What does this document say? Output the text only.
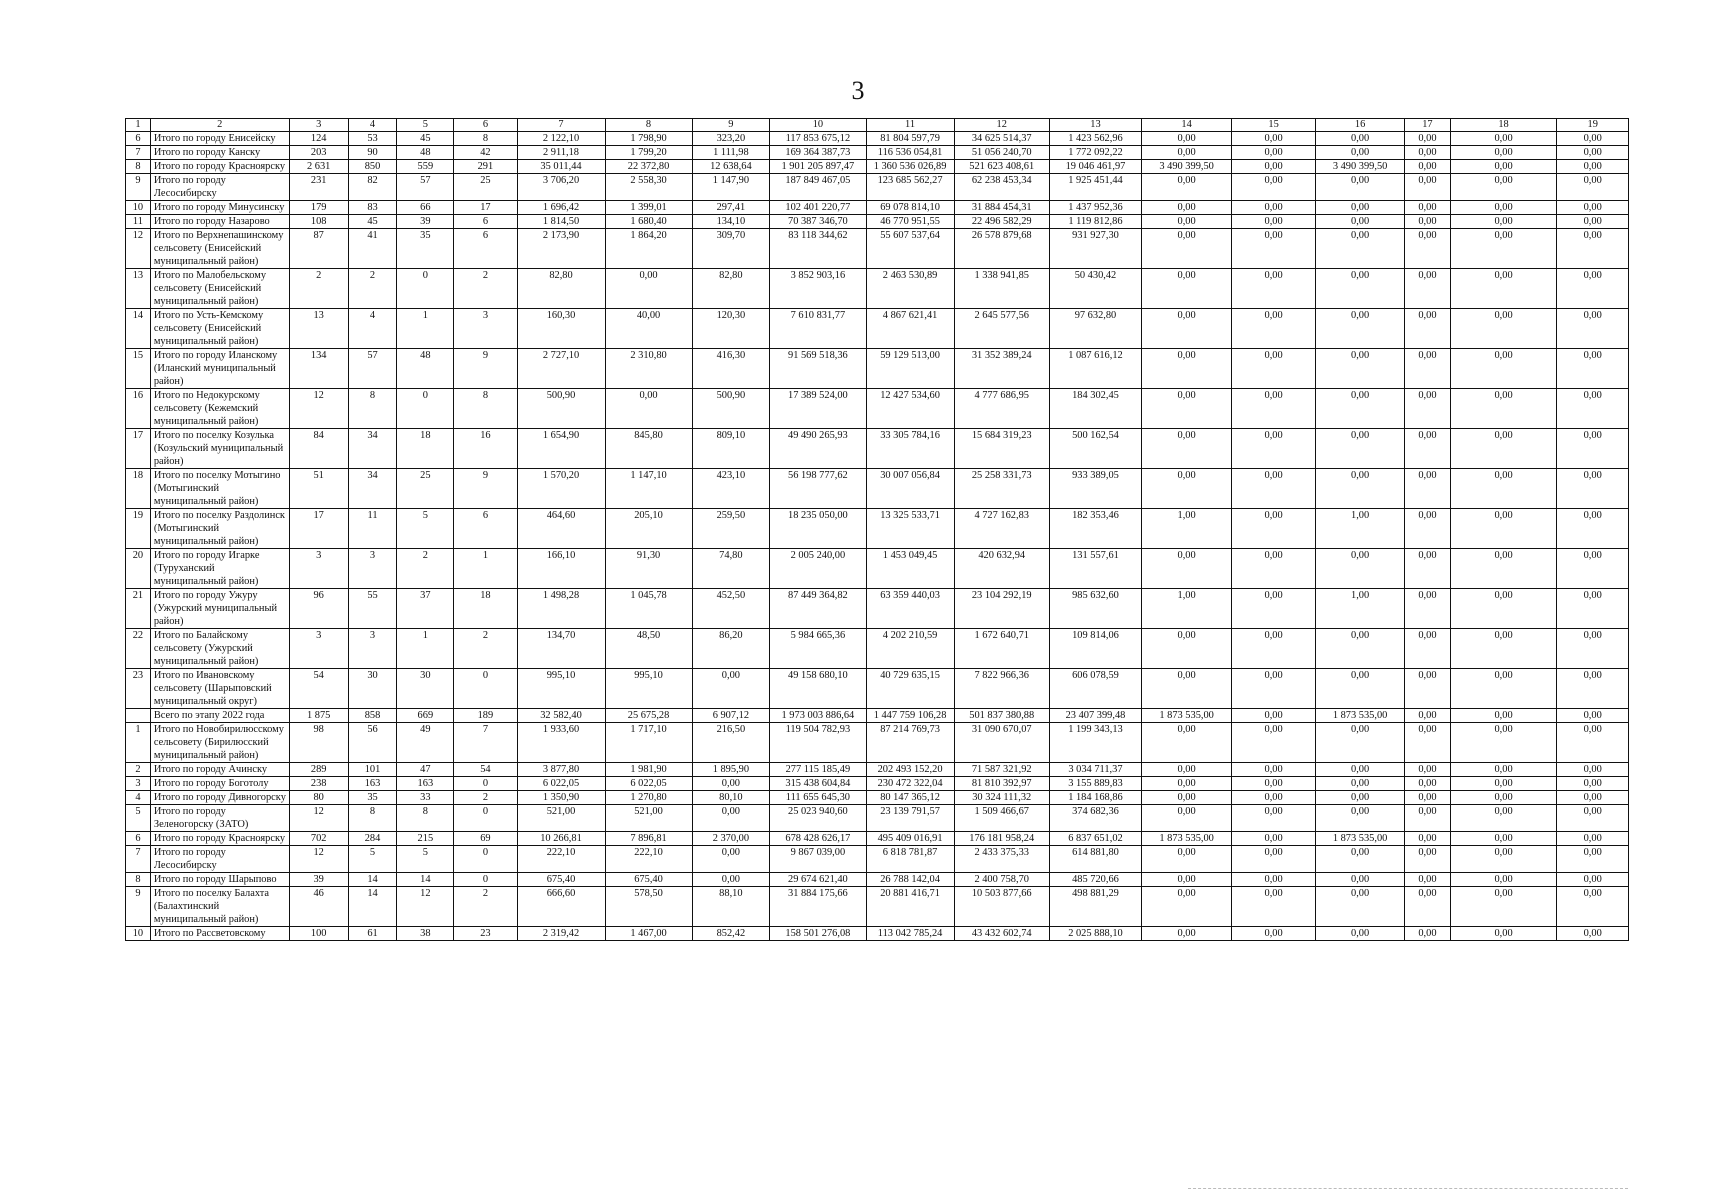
3
1	2	3	4	5	6	7	8	9	10	11	12	13	14	15	16	17	18	19
6	Итого по городу Енисейску	124	53	45	8	2 122,10	1 798,90	323,20	117 853 675,12	81 804 597,79	34 625 514,37	1 423 562,96	0,00	0,00	0,00	0,00	0,00	0,00
7	Итого по городу Канску	203	90	48	42	2 911,18	1 799,20	1 111,98	169 364 387,73	116 536 054,81	51 056 240,70	1 772 092,22	0,00	0,00	0,00	0,00	0,00	0,00
8	Итого по городу Красноярску	2 631	850	559	291	35 011,44	22 372,80	12 638,64	1 901 205 897,47	1 360 536 026,89	521 623 408,61	19 046 461,97	3 490 399,50	0,00	3 490 399,50	0,00	0,00	0,00
9	Итого по городу Лесосибирску	231	82	57	25	3 706,20	2 558,30	1 147,90	187 849 467,05	123 685 562,27	62 238 453,34	1 925 451,44	0,00	0,00	0,00	0,00	0,00	0,00
10	Итого по городу Минусинску	179	83	66	17	1 696,42	1 399,01	297,41	102 401 220,77	69 078 814,10	31 884 454,31	1 437 952,36	0,00	0,00	0,00	0,00	0,00	0,00
11	Итого по городу Назарово	108	45	39	6	1 814,50	1 680,40	134,10	70 387 346,70	46 770 951,55	22 496 582,29	1 119 812,86	0,00	0,00	0,00	0,00	0,00	0,00
12	Итого по Верхнепашинскому сельсовету (Енисейский муниципальный район)	87	41	35	6	2 173,90	1 864,20	309,70	83 118 344,62	55 607 537,64	26 578 879,68	931 927,30	0,00	0,00	0,00	0,00	0,00	0,00
13	Итого по Малобельскому сельсовету (Енисейский муниципальный район)	2	2	0	2	82,80	0,00	82,80	3 852 903,16	2 463 530,89	1 338 941,85	50 430,42	0,00	0,00	0,00	0,00	0,00	0,00
14	Итого по Усть-Кемскому сельсовету (Енисейский муниципальный район)	13	4	1	3	160,30	40,00	120,30	7 610 831,77	4 867 621,41	2 645 577,56	97 632,80	0,00	0,00	0,00	0,00	0,00	0,00
15	Итого по городу Иланскому (Иланский муниципальный район)	134	57	48	9	2 727,10	2 310,80	416,30	91 569 518,36	59 129 513,00	31 352 389,24	1 087 616,12	0,00	0,00	0,00	0,00	0,00	0,00
16	Итого по Недокурскому сельсовету (Кежемский муниципальный район)	12	8	0	8	500,90	0,00	500,90	17 389 524,00	12 427 534,60	4 777 686,95	184 302,45	0,00	0,00	0,00	0,00	0,00	0,00
17	Итого по поселку Козулька (Козульский муниципальный район)	84	34	18	16	1 654,90	845,80	809,10	49 490 265,93	33 305 784,16	15 684 319,23	500 162,54	0,00	0,00	0,00	0,00	0,00	0,00
18	Итого по поселку Мотыгино (Мотыгинский муниципальный район)	51	34	25	9	1 570,20	1 147,10	423,10	56 198 777,62	30 007 056,84	25 258 331,73	933 389,05	0,00	0,00	0,00	0,00	0,00	0,00
19	Итого по поселку Раздолинск (Мотыгинский муниципальный район)	17	11	5	6	464,60	205,10	259,50	18 235 050,00	13 325 533,71	4 727 162,83	182 353,46	1,00	0,00	1,00	0,00	0,00	0,00
20	Итого по городу Игарке (Туруханский муниципальный район)	3	3	2	1	166,10	91,30	74,80	2 005 240,00	1 453 049,45	420 632,94	131 557,61	0,00	0,00	0,00	0,00	0,00	0,00
21	Итого по городу Ужуру (Ужурский муниципальный район)	96	55	37	18	1 498,28	1 045,78	452,50	87 449 364,82	63 359 440,03	23 104 292,19	985 632,60	1,00	0,00	1,00	0,00	0,00	0,00
22	Итого по Балайскому сельсовету (Ужурский муниципальный район)	3	3	1	2	134,70	48,50	86,20	5 984 665,36	4 202 210,59	1 672 640,71	109 814,06	0,00	0,00	0,00	0,00	0,00	0,00
23	Итого по Ивановскому сельсовету (Шарыповский муниципальный округ)	54	30	30	0	995,10	995,10	0,00	49 158 680,10	40 729 635,15	7 822 966,36	606 078,59	0,00	0,00	0,00	0,00	0,00	0,00
	Всего по этапу 2022 года	1 875	858	669	189	32 582,40	25 675,28	6 907,12	1 973 003 886,64	1 447 759 106,28	501 837 380,88	23 407 399,48	1 873 535,00	0,00	1 873 535,00	0,00	0,00	0,00
1	Итого по Новобирилюсскому сельсовету (Бирилюсский муниципальный район)	98	56	49	7	1 933,60	1 717,10	216,50	119 504 782,93	87 214 769,73	31 090 670,07	1 199 343,13	0,00	0,00	0,00	0,00	0,00	0,00
2	Итого по городу Ачинску	289	101	47	54	3 877,80	1 981,90	1 895,90	277 115 185,49	202 493 152,20	71 587 321,92	3 034 711,37	0,00	0,00	0,00	0,00	0,00	0,00
3	Итого по городу Боготолу	238	163	163	0	6 022,05	6 022,05	0,00	315 438 604,84	230 472 322,04	81 810 392,97	3 155 889,83	0,00	0,00	0,00	0,00	0,00	0,00
4	Итого по городу Дивногорску	80	35	33	2	1 350,90	1 270,80	80,10	111 655 645,30	80 147 365,12	30 324 111,32	1 184 168,86	0,00	0,00	0,00	0,00	0,00	0,00
5	Итого по городу Зеленогорску (ЗАТО)	12	8	8	0	521,00	521,00	0,00	25 023 940,60	23 139 791,57	1 509 466,67	374 682,36	0,00	0,00	0,00	0,00	0,00	0,00
6	Итого по городу Красноярску	702	284	215	69	10 266,81	7 896,81	2 370,00	678 428 626,17	495 409 016,91	176 181 958,24	6 837 651,02	1 873 535,00	0,00	1 873 535,00	0,00	0,00	0,00
7	Итого по городу Лесосибирску	12	5	5	0	222,10	222,10	0,00	9 867 039,00	6 818 781,87	2 433 375,33	614 881,80	0,00	0,00	0,00	0,00	0,00	0,00
8	Итого по городу Шарыпово	39	14	14	0	675,40	675,40	0,00	29 674 621,40	26 788 142,04	2 400 758,70	485 720,66	0,00	0,00	0,00	0,00	0,00	0,00
9	Итого по поселку Балахта (Балахтинский муниципальный район)	46	14	12	2	666,60	578,50	88,10	31 884 175,66	20 881 416,71	10 503 877,66	498 881,29	0,00	0,00	0,00	0,00	0,00	0,00
10	Итого по Рассветовскому	100	61	38	23	2 319,42	1 467,00	852,42	158 501 276,08	113 042 785,24	43 432 602,74	2 025 888,10	0,00	0,00	0,00	0,00	0,00	0,00
